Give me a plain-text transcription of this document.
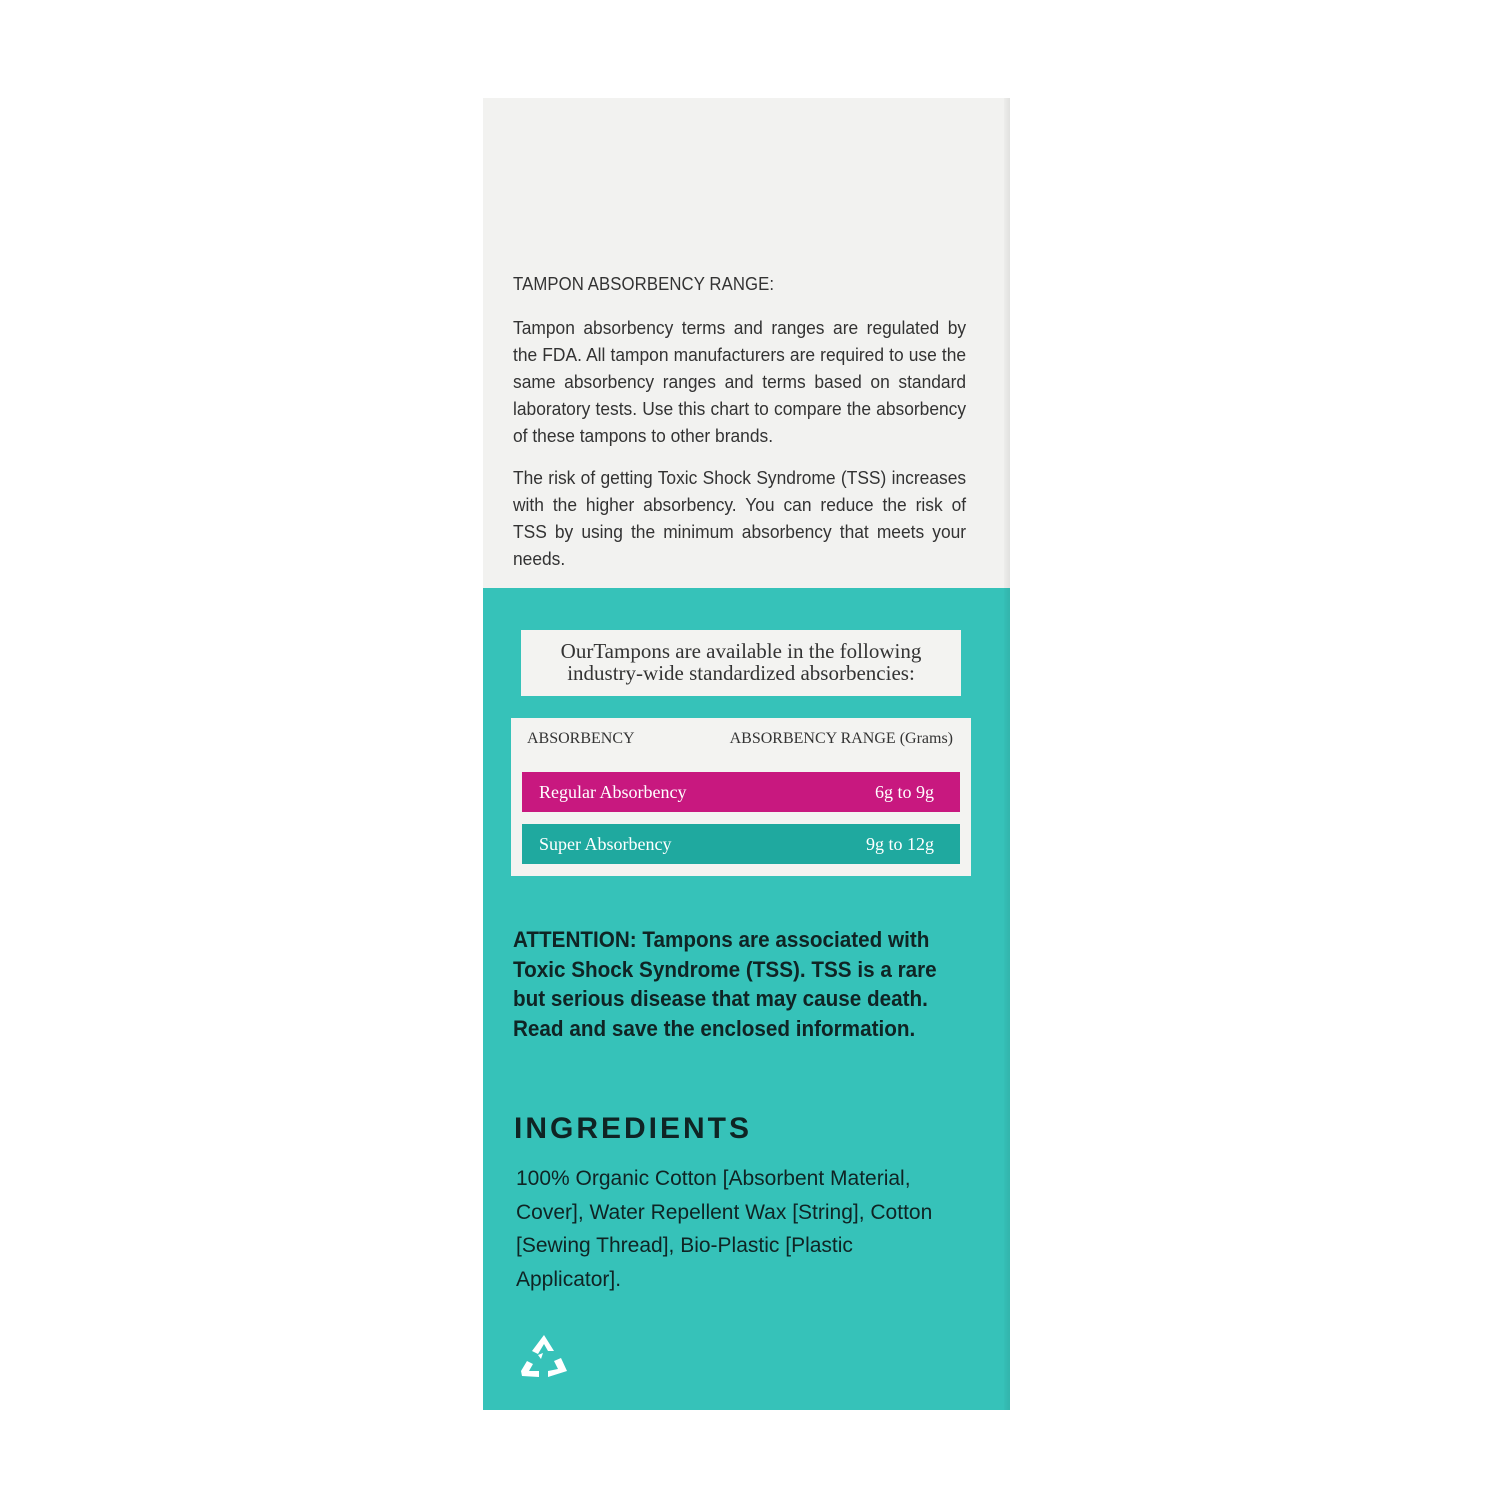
TAMPON ABSORBENCY RANGE:

Tampon absorbency terms and ranges are regulated by the FDA. All tampon manufacturers are required to use the same absorbency ranges and terms based on standard laboratory tests. Use this chart to compare the absorbency of these tampons to other brands.

The risk of getting Toxic Shock Syndrome (TSS) increases with the higher absorbency. You can reduce the risk of TSS by using the minimum absorbency that meets your needs.

OurTampons are available in the following
industry-wide standardized absorbencies:
ABSORBENCY	ABSORBENCY RANGE (Grams)
Regular Absorbency	6g to 9g
Super Absorbency	9g to 12g

ATTENTION: Tampons are associated with Toxic Shock Syndrome (TSS). TSS is a rare but serious disease that may cause death. Read and save the enclosed information.

INGREDIENTS

100% Organic Cotton [Absorbent Material, Cover], Water Repellent Wax [String], Cotton [Sewing Thread], Bio-Plastic [Plastic Applicator].
